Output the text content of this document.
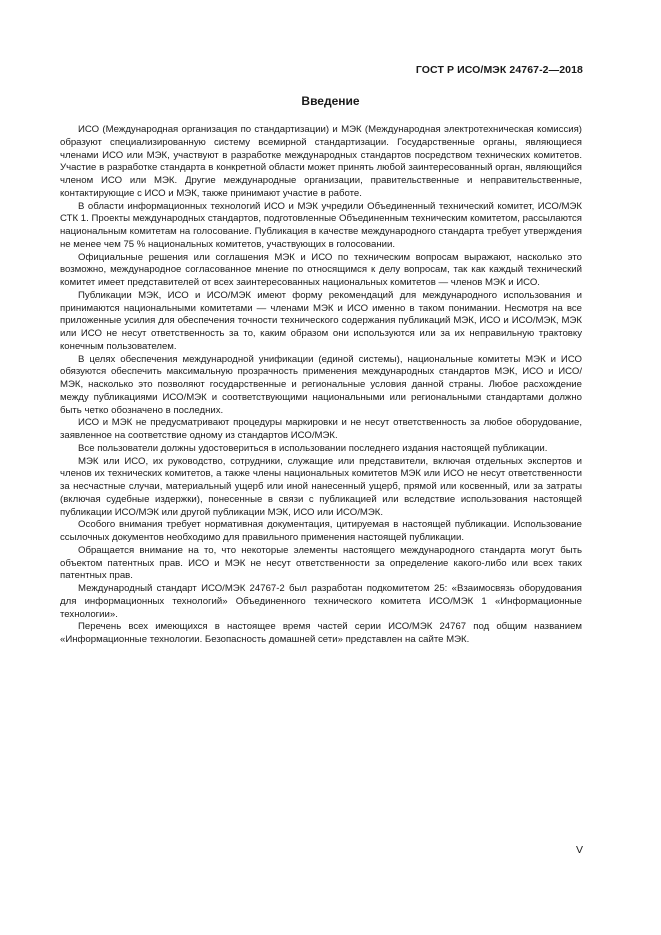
ГОСТ Р ИСО/МЭК 24767-2—2018
Введение

ИСО (Международная организация по стандартизации) и МЭК (Международная электротехническая комиссия) образуют специализированную систему всемирной стандартизации. Государственные органы, являющиеся членами ИСО или МЭК, участвуют в разработке международных стандартов посредством технических комитетов. Участие в разработке стандарта в конкретной области может принять любой заинтересованный орган, являющийся членом ИСО или МЭК. Другие международные организации, правительственные и неправительственные, контактирующие с ИСО и МЭК, также принимают участие в работе.

В области информационных технологий ИСО и МЭК учредили Объединенный технический комитет, ИСО/МЭК СТК 1. Проекты международных стандартов, подготовленные Объединенным техническим комитетом, рассылаются национальным комитетам на голосование. Публикация в качестве международного стандарта требует утверждения не менее чем 75 % национальных комитетов, участвующих в голосовании.

Официальные решения или соглашения МЭК и ИСО по техническим вопросам выражают, насколько это возможно, международное согласованное мнение по относящимся к делу вопросам, так как каждый технический комитет имеет представителей от всех заинтересованных национальных комитетов — членов МЭК и ИСО.

Публикации МЭК, ИСО и ИСО/МЭК имеют форму рекомендаций для международного использования и принимаются национальными комитетами — членами МЭК и ИСО именно в таком понимании. Несмотря на все приложенные усилия для обеспечения точности технического содержания публикаций МЭК, ИСО и ИСО/МЭК, МЭК или ИСО не несут ответственность за то, каким образом они используются или за их неправильную трактовку конечным пользователем.

В целях обеспечения международной унификации (единой системы), национальные комитеты МЭК и ИСО обязуются обеспечить максимальную прозрачность применения международных стандартов МЭК, ИСО и ИСО/ МЭК, насколько это позволяют государственные и региональные условия данной страны. Любое расхождение между публикациями ИСО/МЭК и соответствующими национальными или региональными стандартами должно быть четко обозначено в последних.

ИСО и МЭК не предусматривают процедуры маркировки и не несут ответственность за любое оборудование, заявленное на соответствие одному из стандартов ИСО/МЭК.

Все пользователи должны удостовериться в использовании последнего издания настоящей публикации.

МЭК или ИСО, их руководство, сотрудники, служащие или представители, включая отдельных экспертов и членов их технических комитетов, а также члены национальных комитетов МЭК или ИСО не несут ответственности за несчастные случаи, материальный ущерб или иной нанесенный ущерб, прямой или косвенный, или за затраты (включая судебные издержки), понесенные в связи с публикацией или вследствие использования настоящей публикации ИСО/МЭК или другой публикации МЭК, ИСО или ИСО/МЭК.

Особого внимания требует нормативная документация, цитируемая в настоящей публикации. Использование ссылочных документов необходимо для правильного применения настоящей публикации.

Обращается внимание на то, что некоторые элементы настоящего международного стандарта могут быть объектом патентных прав. ИСО и МЭК не несут ответственности за определение какого-либо или всех таких патентных прав.

Международный стандарт ИСО/МЭК 24767-2 был разработан подкомитетом 25: «Взаимосвязь оборудования для информационных технологий» Объединенного технического комитета ИСО/МЭК 1 «Информационные технологии».

Перечень всех имеющихся в настоящее время частей серии ИСО/МЭК 24767 под общим названием «Информационные технологии. Безопасность домашней сети» представлен на сайте МЭК.

V
